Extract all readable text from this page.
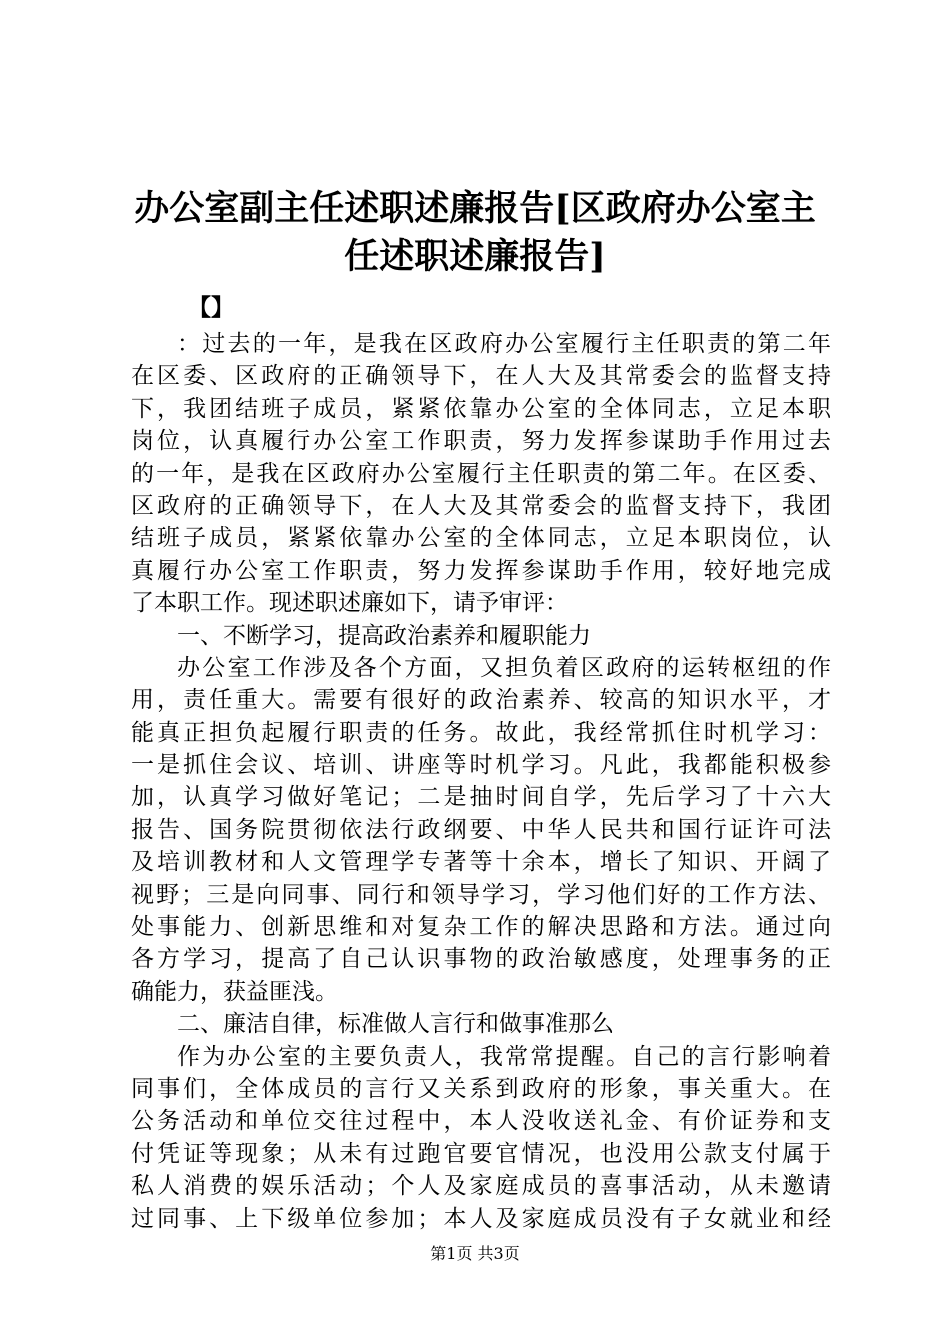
办公室副主任述职述廉报告[区政府办公室主
任述职述廉报告]
【】
：过去的一年，是我在区政府办公室履行主任职责的第二年
在区委、区政府的正确领导下，在人大及其常委会的监督支持
下，我团结班子成员，紧紧依靠办公室的全体同志，立足本职
岗位，认真履行办公室工作职责，努力发挥参谋助手作用过去
的一年，是我在区政府办公室履行主任职责的第二年。在区委、
区政府的正确领导下，在人大及其常委会的监督支持下，我团
结班子成员，紧紧依靠办公室的全体同志，立足本职岗位，认
真履行办公室工作职责，努力发挥参谋助手作用，较好地完成
了本职工作。现述职述廉如下，请予审评：
一、不断学习，提高政治素养和履职能力
办公室工作涉及各个方面，又担负着区政府的运转枢纽的作
用，责任重大。需要有很好的政治素养、较高的知识水平，才
能真正担负起履行职责的任务。故此，我经常抓住时机学习：
一是抓住会议、培训、讲座等时机学习。凡此，我都能积极参
加，认真学习做好笔记；二是抽时间自学，先后学习了十六大
报告、国务院贯彻依法行政纲要、中华人民共和国行证许可法
及培训教材和人文管理学专著等十余本，增长了知识、开阔了
视野；三是向同事、同行和领导学习，学习他们好的工作方法、
处事能力、创新思维和对复杂工作的解决思路和方法。通过向
各方学习，提高了自己认识事物的政治敏感度，处理事务的正
确能力，获益匪浅。
二、廉洁自律，标准做人言行和做事准那么
作为办公室的主要负责人，我常常提醒。自己的言行影响着
同事们，全体成员的言行又关系到政府的形象，事关重大。在
公务活动和单位交往过程中，本人没收送礼金、有价证券和支
付凭证等现象；从未有过跑官要官情况，也没用公款支付属于
私人消费的娱乐活动；个人及家庭成员的喜事活动，从未邀请
过同事、上下级单位参加；本人及家庭成员没有子女就业和经
第1页 共3页
